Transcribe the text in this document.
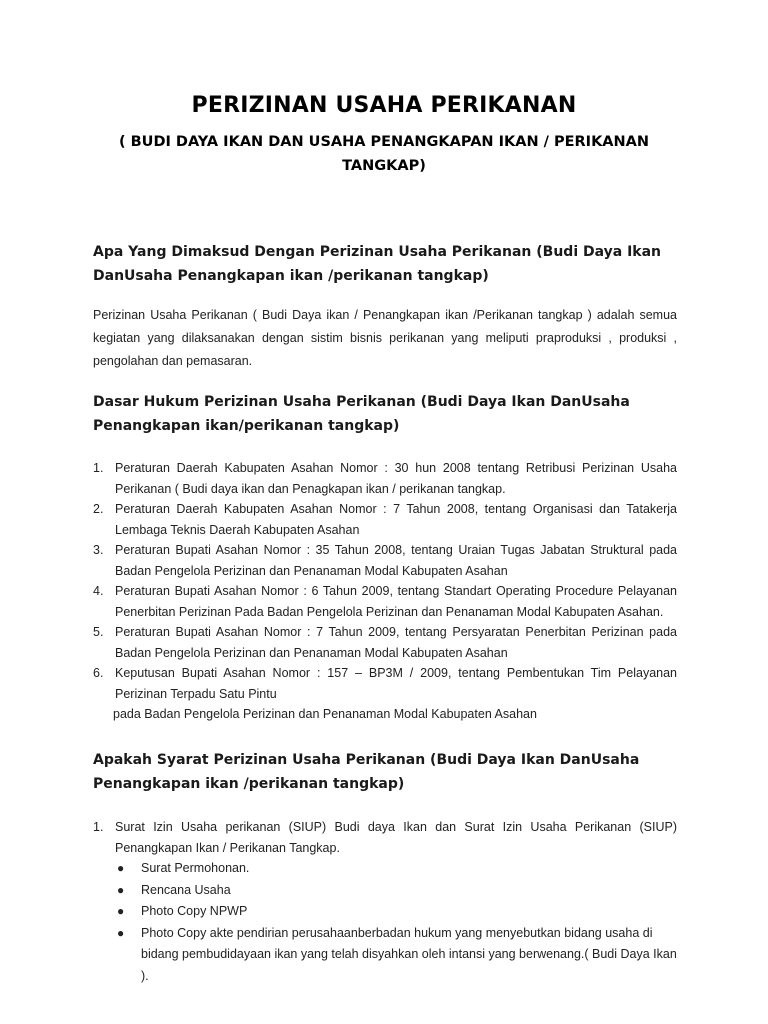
PERIZINAN USAHA PERIKANAN
( BUDI DAYA IKAN DAN USAHA PENANGKAPAN IKAN / PERIKANAN TANGKAP)
Apa Yang Dimaksud Dengan Perizinan Usaha Perikanan (Budi Daya Ikan DanUsaha Penangkapan ikan /perikanan tangkap)
Perizinan Usaha Perikanan ( Budi Daya ikan / Penangkapan ikan /Perikanan tangkap ) adalah semua kegiatan yang dilaksanakan dengan sistim bisnis perikanan yang meliputi praproduksi , produksi , pengolahan dan pemasaran.
Dasar Hukum Perizinan Usaha Perikanan (Budi Daya Ikan DanUsaha Penangkapan ikan/perikanan tangkap)
1. Peraturan Daerah Kabupaten Asahan Nomor : 30 hun 2008 tentang Retribusi Perizinan Usaha Perikanan ( Budi daya ikan dan Penagkapan ikan / perikanan tangkap.
2. Peraturan Daerah Kabupaten Asahan Nomor : 7 Tahun 2008, tentang Organisasi dan Tatakerja Lembaga Teknis Daerah Kabupaten Asahan
3. Peraturan Bupati Asahan Nomor : 35 Tahun 2008, tentang Uraian Tugas Jabatan Struktural pada Badan Pengelola Perizinan dan Penanaman Modal Kabupaten Asahan
4. Peraturan Bupati Asahan Nomor : 6 Tahun 2009, tentang Standart Operating Procedure Pelayanan Penerbitan Perizinan Pada Badan Pengelola Perizinan dan Penanaman Modal Kabupaten Asahan.
5. Peraturan Bupati Asahan Nomor : 7 Tahun 2009, tentang Persyaratan Penerbitan Perizinan pada Badan Pengelola Perizinan dan Penanaman Modal Kabupaten Asahan
6. Keputusan Bupati Asahan Nomor : 157 – BP3M / 2009, tentang Pembentukan Tim Pelayanan Perizinan Terpadu Satu Pintu
pada Badan Pengelola Perizinan dan Penanaman Modal Kabupaten Asahan
Apakah Syarat Perizinan Usaha Perikanan (Budi Daya Ikan DanUsaha Penangkapan ikan /perikanan tangkap)
1. Surat Izin Usaha perikanan (SIUP) Budi daya Ikan dan Surat Izin Usaha Perikanan (SIUP) Penangkapan Ikan / Perikanan Tangkap.
● Surat Permohonan.
● Rencana Usaha
● Photo Copy NPWP
● Photo Copy akte pendirian perusahaanberbadan hukum yang menyebutkan bidang usaha di bidang pembudidayaan ikan yang telah disyahkan oleh intansi yang berwenang.( Budi Daya Ikan ).
